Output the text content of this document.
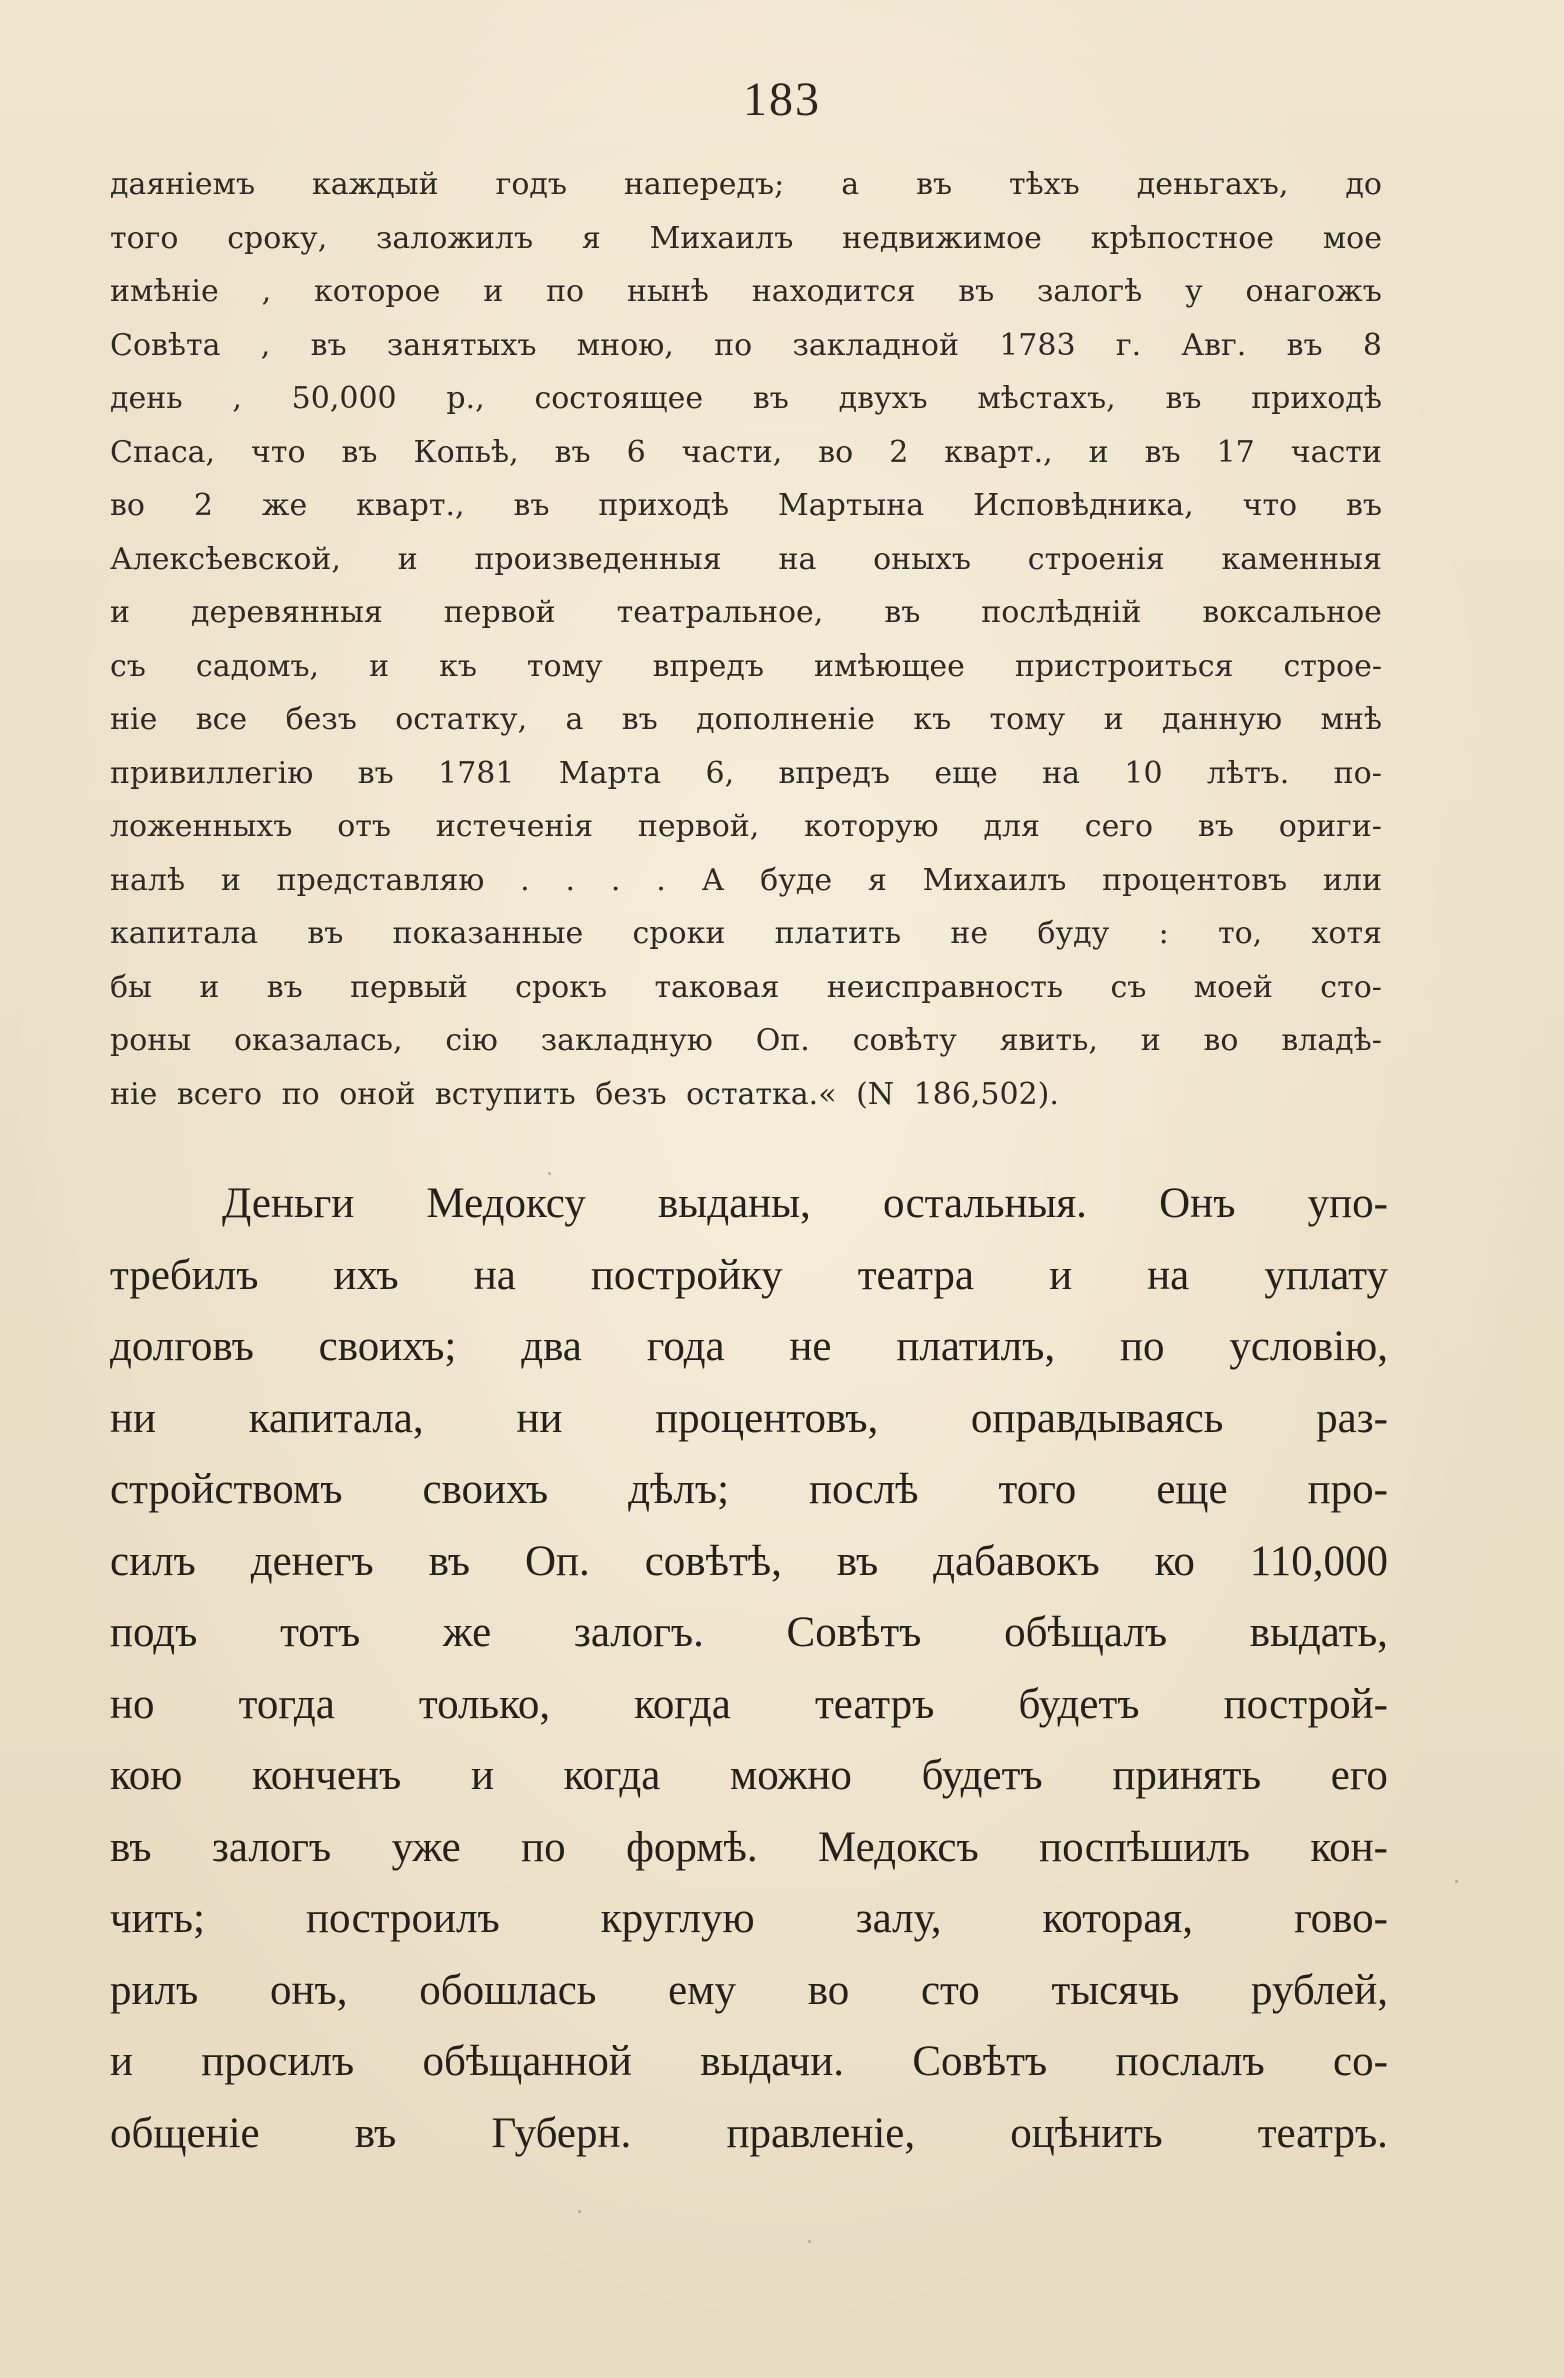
183
даяніемъ каждый годъ напередъ; а въ тѣхъ деньгахъ, до
того сроку, заложилъ я Михаилъ недвижимое крѣпостное мое
имѣніе , которое и по нынѣ находится въ залогѣ у онагожъ
Совѣта , въ занятыхъ мною, по закладной 1783 г. Авг. въ 8
день , 50,000 р., состоящее въ двухъ мѣстахъ, въ приходѣ
Спаса, что въ Копьѣ, въ 6 части, во 2 кварт., и въ 17 части
во 2 же кварт., въ приходѣ Мартына Исповѣдника, что въ
Алексѣевской, и произведенныя на оныхъ строенія каменныя
и деревянныя первой театральное, въ послѣдній воксальное
съ садомъ, и къ тому впредъ имѣющее пристроиться строе-
ніе все безъ остатку, а въ дополненіе къ тому и данную мнѣ
привиллегію въ 1781 Марта 6, впредъ еще на 10 лѣтъ. по-
ложенныхъ отъ истеченія первой, которую для сего въ ориги-
налѣ и представляю . . . . А буде я Михаилъ процентовъ или
капитала въ показанные сроки платить не буду : то, хотя
бы и въ первый срокъ таковая неисправность съ моей сто-
роны оказалась, сію закладную Оп. совѣту явить, и во владѣ-
ніе всего по оной вступить безъ остатка.« (N 186,502).
Деньги Медоксу выданы, остальныя. Онъ упо-
требилъ ихъ на постройку театра и на уплату
долговъ своихъ; два года не платилъ, по условію,
ни капитала, ни процентовъ, оправдываясь раз-
стройствомъ своихъ дѣлъ; послѣ того еще про-
силъ денегъ въ Оп. совѣтѣ, въ дабавокъ ко 110,000
подъ тотъ же залогъ. Совѣтъ обѣщалъ выдать,
но тогда только, когда театръ будетъ построй-
кою конченъ и когда можно будетъ принять его
въ залогъ уже по формѣ. Медоксъ поспѣшилъ кон-
чить; построилъ круглую залу, которая, гово-
рилъ онъ, обошлась ему во сто тысячь рублей,
и просилъ обѣщанной выдачи. Совѣтъ послалъ со-
общеніе въ Губерн. правленіе, оцѣнить театръ.
